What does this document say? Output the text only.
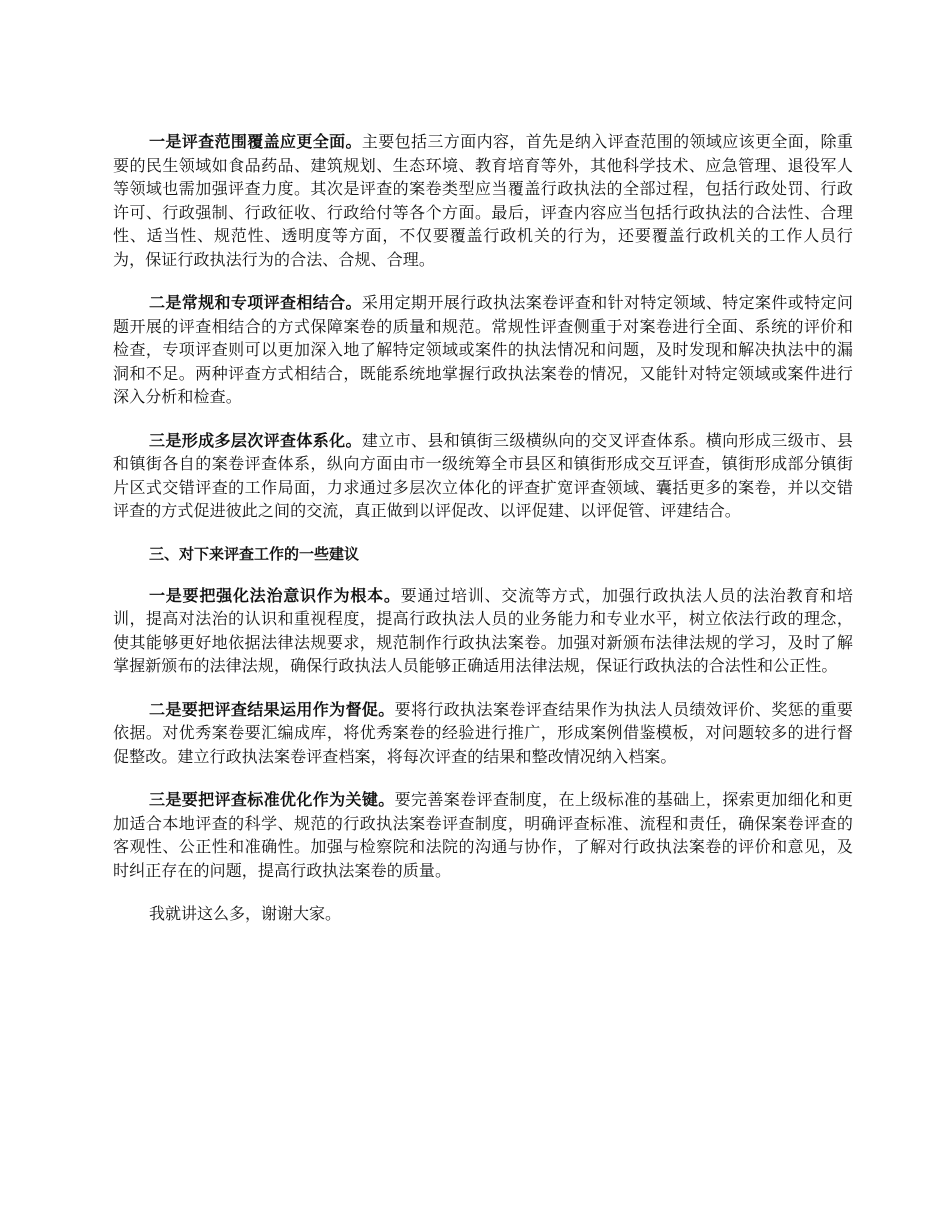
一是评查范围覆盖应更全面。主要包括三方面内容，首先是纳入评查范围的领域应该更全面，除重要的民生领域如食品药品、建筑规划、生态环境、教育培育等外，其他科学技术、应急管理、退役军人等领域也需加强评查力度。其次是评查的案卷类型应当覆盖行政执法的全部过程，包括行政处罚、行政许可、行政强制、行政征收、行政给付等各个方面。最后，评查内容应当包括行政执法的合法性、合理性、适当性、规范性、透明度等方面，不仅要覆盖行政机关的行为，还要覆盖行政机关的工作人员行为，保证行政执法行为的合法、合规、合理。

二是常规和专项评查相结合。采用定期开展行政执法案卷评查和针对特定领域、特定案件或特定问题开展的评查相结合的方式保障案卷的质量和规范。常规性评查侧重于对案卷进行全面、系统的评价和检查，专项评查则可以更加深入地了解特定领域或案件的执法情况和问题，及时发现和解决执法中的漏洞和不足。两种评查方式相结合，既能系统地掌握行政执法案卷的情况，又能针对特定领域或案件进行深入分析和检查。

三是形成多层次评查体系化。建立市、县和镇街三级横纵向的交叉评查体系。横向形成三级市、县和镇街各自的案卷评查体系，纵向方面由市一级统筹全市县区和镇街形成交互评查，镇街形成部分镇街片区式交错评查的工作局面，力求通过多层次立体化的评查扩宽评查领域、囊括更多的案卷，并以交错评查的方式促进彼此之间的交流，真正做到以评促改、以评促建、以评促管、评建结合。

三、对下来评查工作的一些建议

一是要把强化法治意识作为根本。要通过培训、交流等方式，加强行政执法人员的法治教育和培训，提高对法治的认识和重视程度，提高行政执法人员的业务能力和专业水平，树立依法行政的理念，使其能够更好地依据法律法规要求，规范制作行政执法案卷。加强对新颁布法律法规的学习，及时了解掌握新颁布的法律法规，确保行政执法人员能够正确适用法律法规，保证行政执法的合法性和公正性。

二是要把评查结果运用作为督促。要将行政执法案卷评查结果作为执法人员绩效评价、奖惩的重要依据。对优秀案卷要汇编成库，将优秀案卷的经验进行推广，形成案例借鉴模板，对问题较多的进行督促整改。建立行政执法案卷评查档案，将每次评查的结果和整改情况纳入档案。

三是要把评查标准优化作为关键。要完善案卷评查制度，在上级标准的基础上，探索更加细化和更加适合本地评查的科学、规范的行政执法案卷评查制度，明确评查标准、流程和责任，确保案卷评查的客观性、公正性和准确性。加强与检察院和法院的沟通与协作，了解对行政执法案卷的评价和意见，及时纠正存在的问题，提高行政执法案卷的质量。

我就讲这么多，谢谢大家。
